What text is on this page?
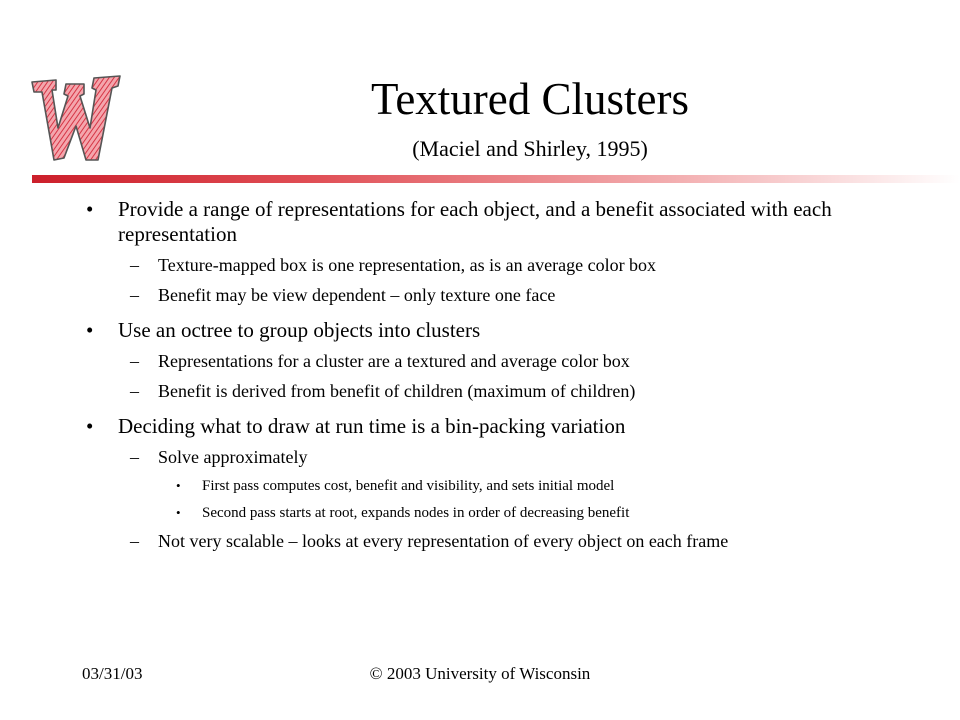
Textured Clusters
(Maciel and Shirley, 1995)
• Provide a range of representations for each object, and a benefit associated with each representation
– Texture-mapped box is one representation, as is an average color box
– Benefit may be view dependent – only texture one face
• Use an octree to group objects into clusters
– Representations for a cluster are a textured and average color box
– Benefit is derived from benefit of children (maximum of children)
• Deciding what to draw at run time is a bin-packing variation
– Solve approximately
• First pass computes cost, benefit and visibility, and sets initial model
• Second pass starts at root, expands nodes in order of decreasing benefit
– Not very scalable – looks at every representation of every object on each frame
03/31/03	© 2003 University of Wisconsin
